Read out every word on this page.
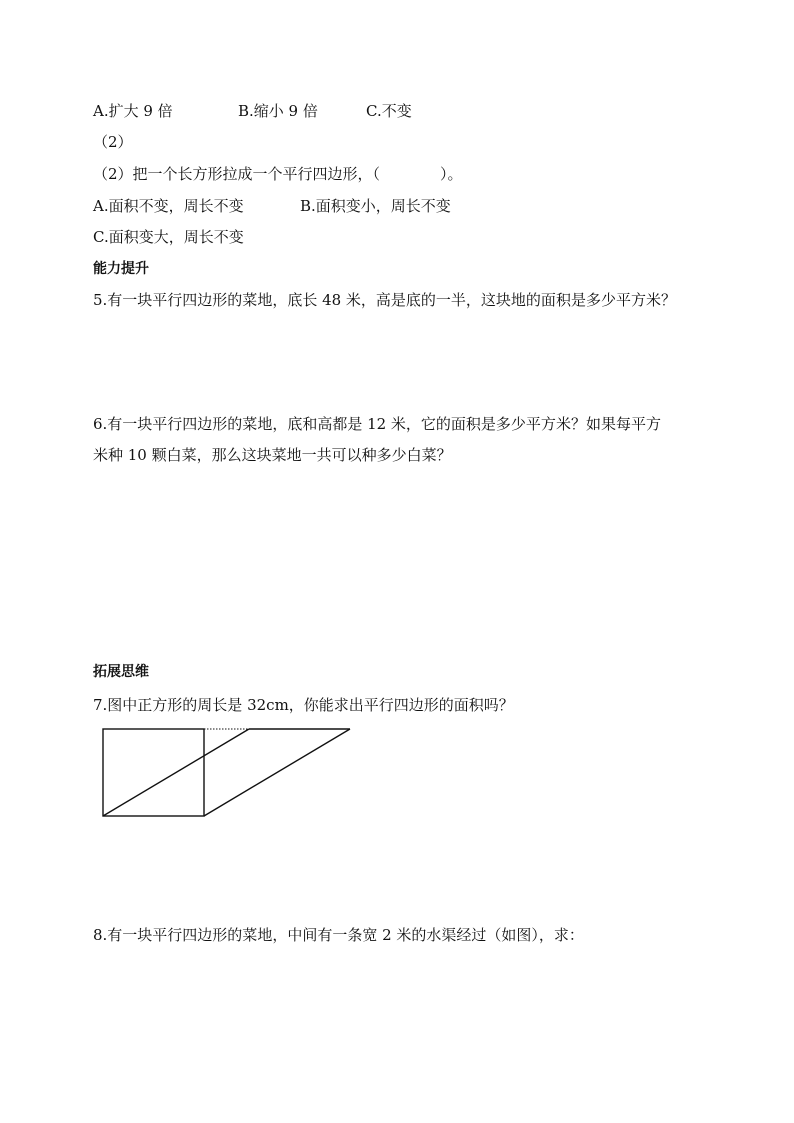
A.扩大 9 倍	B.缩小 9 倍	C.不变
（2）
（2）把一个长方形拉成一个平行四边形，（　　　　）。
A.面积不变，周长不变	B.面积变小，周长不变
C.面积变大，周长不变
能力提升
5.有一块平行四边形的菜地，底长 48 米，高是底的一半，这块地的面积是多少平方米？
6.有一块平行四边形的菜地，底和高都是 12 米，它的面积是多少平方米？如果每平方
米种 10 颗白菜，那么这块菜地一共可以种多少白菜？
拓展思维
7.图中正方形的周长是 32cm，你能求出平行四边形的面积吗？
8.有一块平行四边形的菜地，中间有一条宽 2 米的水渠经过（如图），求：
